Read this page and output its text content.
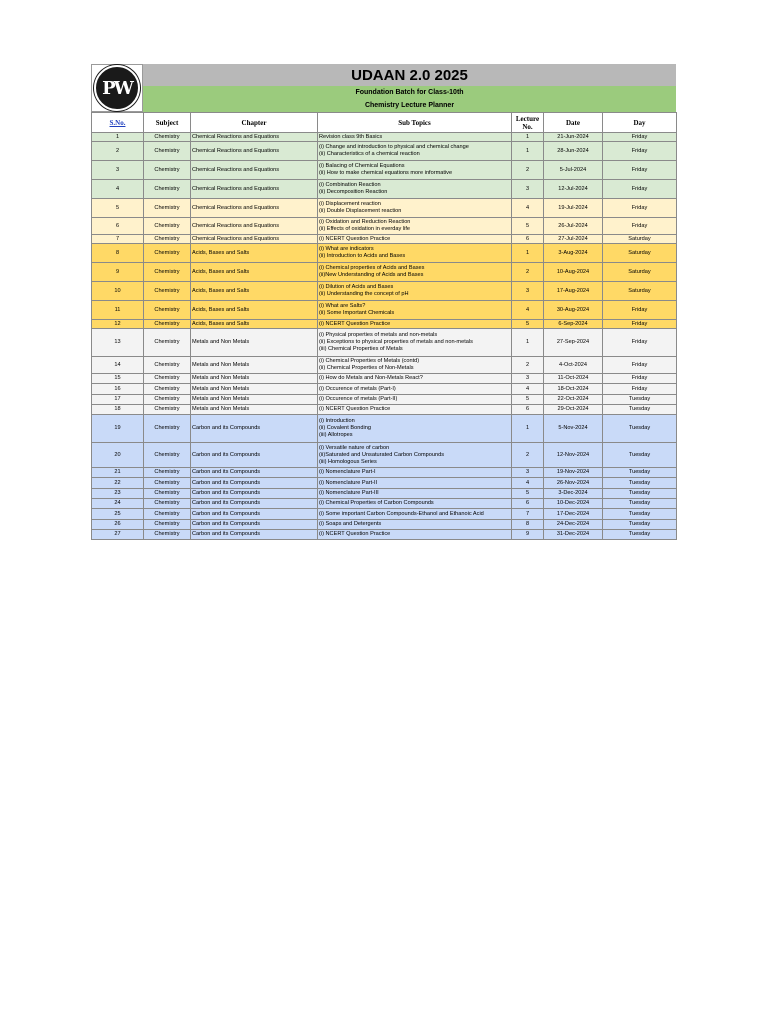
PW
UDAAN 2.0 2025
Foundation Batch for Class-10th
Chemistry Lecture Planner
S.No.	Subject	Chapter	Sub Topics	Lecture No.	Date	Day
1	Chemistry	Chemical Reactions and Equations	Revision class 9th Basics	1	21-Jun-2024	Friday
2	Chemistry	Chemical Reactions and Equations	(i) Change and introduction to physical and chemical change
(ii) Characteristics of a chemical reaction	1	28-Jun-2024	Friday
3	Chemistry	Chemical Reactions and Equations	(i) Balacing of Chemical Equations
(ii) How to make chemical equations more informative	2	5-Jul-2024	Friday
4	Chemistry	Chemical Reactions and Equations	(i) Combination Reaction
(ii) Decomposition Reaction	3	12-Jul-2024	Friday
5	Chemistry	Chemical Reactions and Equations	(i) Displacement reaction
(ii) Double Displacement reaction	4	19-Jul-2024	Friday
6	Chemistry	Chemical Reactions and Equations	(i) Oxidation and Reduction Reaction
(ii) Effects of oxidation in everday life	5	26-Jul-2024	Friday
7	Chemistry	Chemical Reactions and Equations	(i) NCERT Question Practice	6	27-Jul-2024	Saturday
8	Chemistry	Acids, Bases and Salts	(i) What are indicators
(ii) Introduction to Acids and Bases	1	3-Aug-2024	Saturday
9	Chemistry	Acids, Bases and Salts	(i) Chemical properties of Acids and Bases
(ii)New Understanding of Acids and Bases	2	10-Aug-2024	Saturday
10	Chemistry	Acids, Bases and Salts	(i) Dilution of Acids and Bases
(ii) Understanding the concept of pH	3	17-Aug-2024	Saturday
11	Chemistry	Acids, Bases and Salts	(i) What are Salts?
(ii) Some Important Chemicals	4	30-Aug-2024	Friday
12	Chemistry	Acids, Bases and Salts	(i) NCERT Question Practice	5	6-Sep-2024	Friday
13	Chemistry	Metals and Non Metals	(i) Physical properties of metals and non-metals
(ii) Exceptions to physical properties of metals and non-metals
(iii) Chemical Properties of Metals	1	27-Sep-2024	Friday
14	Chemistry	Metals and Non Metals	(i) Chemical Properties of Metals (contd)
(ii) Chemical Properties of Non-Metals	2	4-Oct-2024	Friday
15	Chemistry	Metals and Non Metals	(i) How do Metals and Non-Metals React?	3	11-Oct-2024	Friday
16	Chemistry	Metals and Non Metals	(i) Occurence of metals (Part-I)	4	18-Oct-2024	Friday
17	Chemistry	Metals and Non Metals	(i) Occurence of metals (Part-II)	5	22-Oct-2024	Tuesday
18	Chemistry	Metals and Non Metals	(i) NCERT Question Practice	6	29-Oct-2024	Tuesday
19	Chemistry	Carbon and its Compounds	(i) Introduction
(ii) Covalent Bonding
(iii) Allotropes	1	5-Nov-2024	Tuesday
20	Chemistry	Carbon and its Compounds	(i) Versatile nature of carbon
(ii)Saturated and Unsaturated Carbon Compounds
(iii) Homologous Series	2	12-Nov-2024	Tuesday
21	Chemistry	Carbon and its Compounds	(i) Nomenclature Part-I	3	19-Nov-2024	Tuesday
22	Chemistry	Carbon and its Compounds	(i) Nomenclature Part-II	4	26-Nov-2024	Tuesday
23	Chemistry	Carbon and its Compounds	(i) Nomenclature Part-III	5	3-Dec-2024	Tuesday
24	Chemistry	Carbon and its Compounds	(i) Chemical Properties of Carbon Compounds	6	10-Dec-2024	Tuesday
25	Chemistry	Carbon and its Compounds	(i) Some important Carbon Compounds-Ethanol and Ethanoic Acid	7	17-Dec-2024	Tuesday
26	Chemistry	Carbon and its Compounds	(i) Soaps and Detergents	8	24-Dec-2024	Tuesday
27	Chemistry	Carbon and its Compounds	(i) NCERT Question Practice	9	31-Dec-2024	Tuesday
